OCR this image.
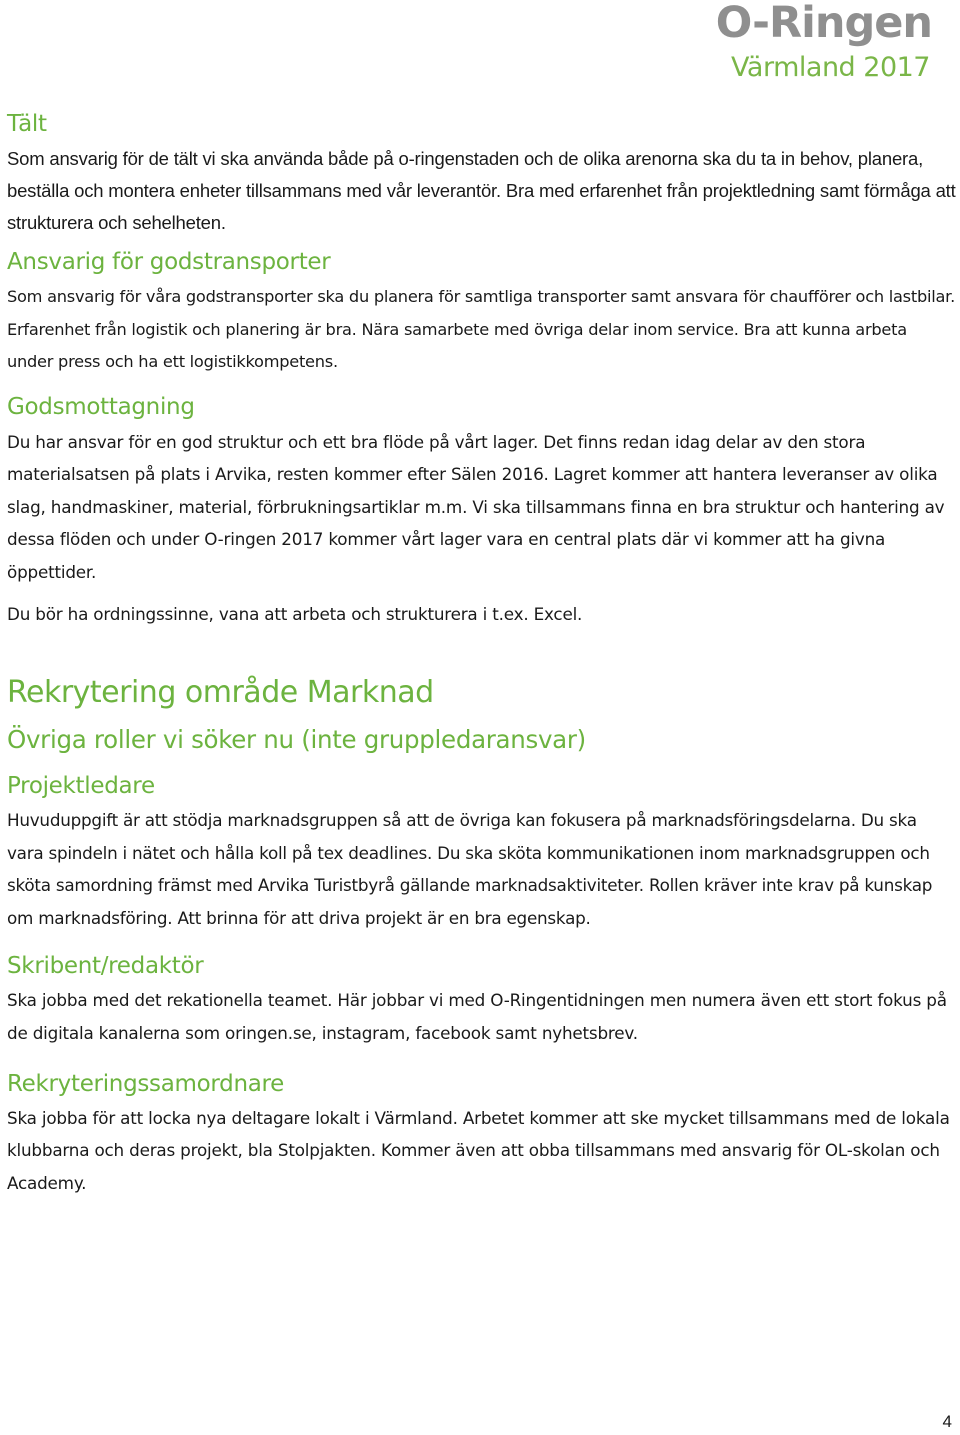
O-Ringen
Värmland 2017
Tält

Som ansvarig för de tält vi ska använda både på o-ringenstaden och de olika arenorna ska du ta in behov, planera, beställa och montera enheter tillsammans med vår leverantör. Bra med erfarenhet från projektledning samt förmåga att strukturera och sehelheten.

Ansvarig för godstransporter

Som ansvarig för våra godstransporter ska du planera för samtliga transporter samt ansvara för chaufförer och lastbilar. Erfarenhet från logistik och planering är bra. Nära samarbete med övriga delar inom service. Bra att kunna arbeta under press och ha ett logistikkompetens.

Godsmottagning

Du har ansvar för en god struktur och ett bra flöde på vårt lager. Det finns redan idag delar av den stora materialsatsen på plats i Arvika, resten kommer efter Sälen 2016. Lagret kommer att hantera leveranser av olika slag, handmaskiner, material, förbrukningsartiklar m.m. Vi ska tillsammans finna en bra struktur och hantering av dessa flöden och under O-ringen 2017 kommer vårt lager vara en central plats där vi kommer att ha givna öppettider.

Du bör ha ordningssinne, vana att arbeta och strukturera i t.ex. Excel.

Rekrytering område Marknad
Övriga roller vi söker nu (inte gruppledaransvar)
Projektledare

Huvuduppgift är att stödja marknadsgruppen så att de övriga kan fokusera på marknadsföringsdelarna. Du ska vara spindeln i nätet och hålla koll på tex deadlines. Du ska sköta kommunikationen inom marknadsgruppen och sköta samordning främst med Arvika Turistbyrå gällande marknadsaktiviteter. Rollen kräver inte krav på kunskap om marknadsföring. Att brinna för att driva projekt är en bra egenskap.

Skribent/redaktör

Ska jobba med det rekationella teamet. Här jobbar vi med O-Ringentidningen men numera även ett stort fokus på de digitala kanalerna som oringen.se, instagram, facebook samt nyhetsbrev.

Rekryteringssamordnare

Ska jobba för att locka nya deltagare lokalt i Värmland. Arbetet kommer att ske mycket tillsammans med de lokala klubbarna och deras projekt, bla Stolpjakten. Kommer även att obba tillsammans med ansvarig för OL-skolan och Academy.

4
